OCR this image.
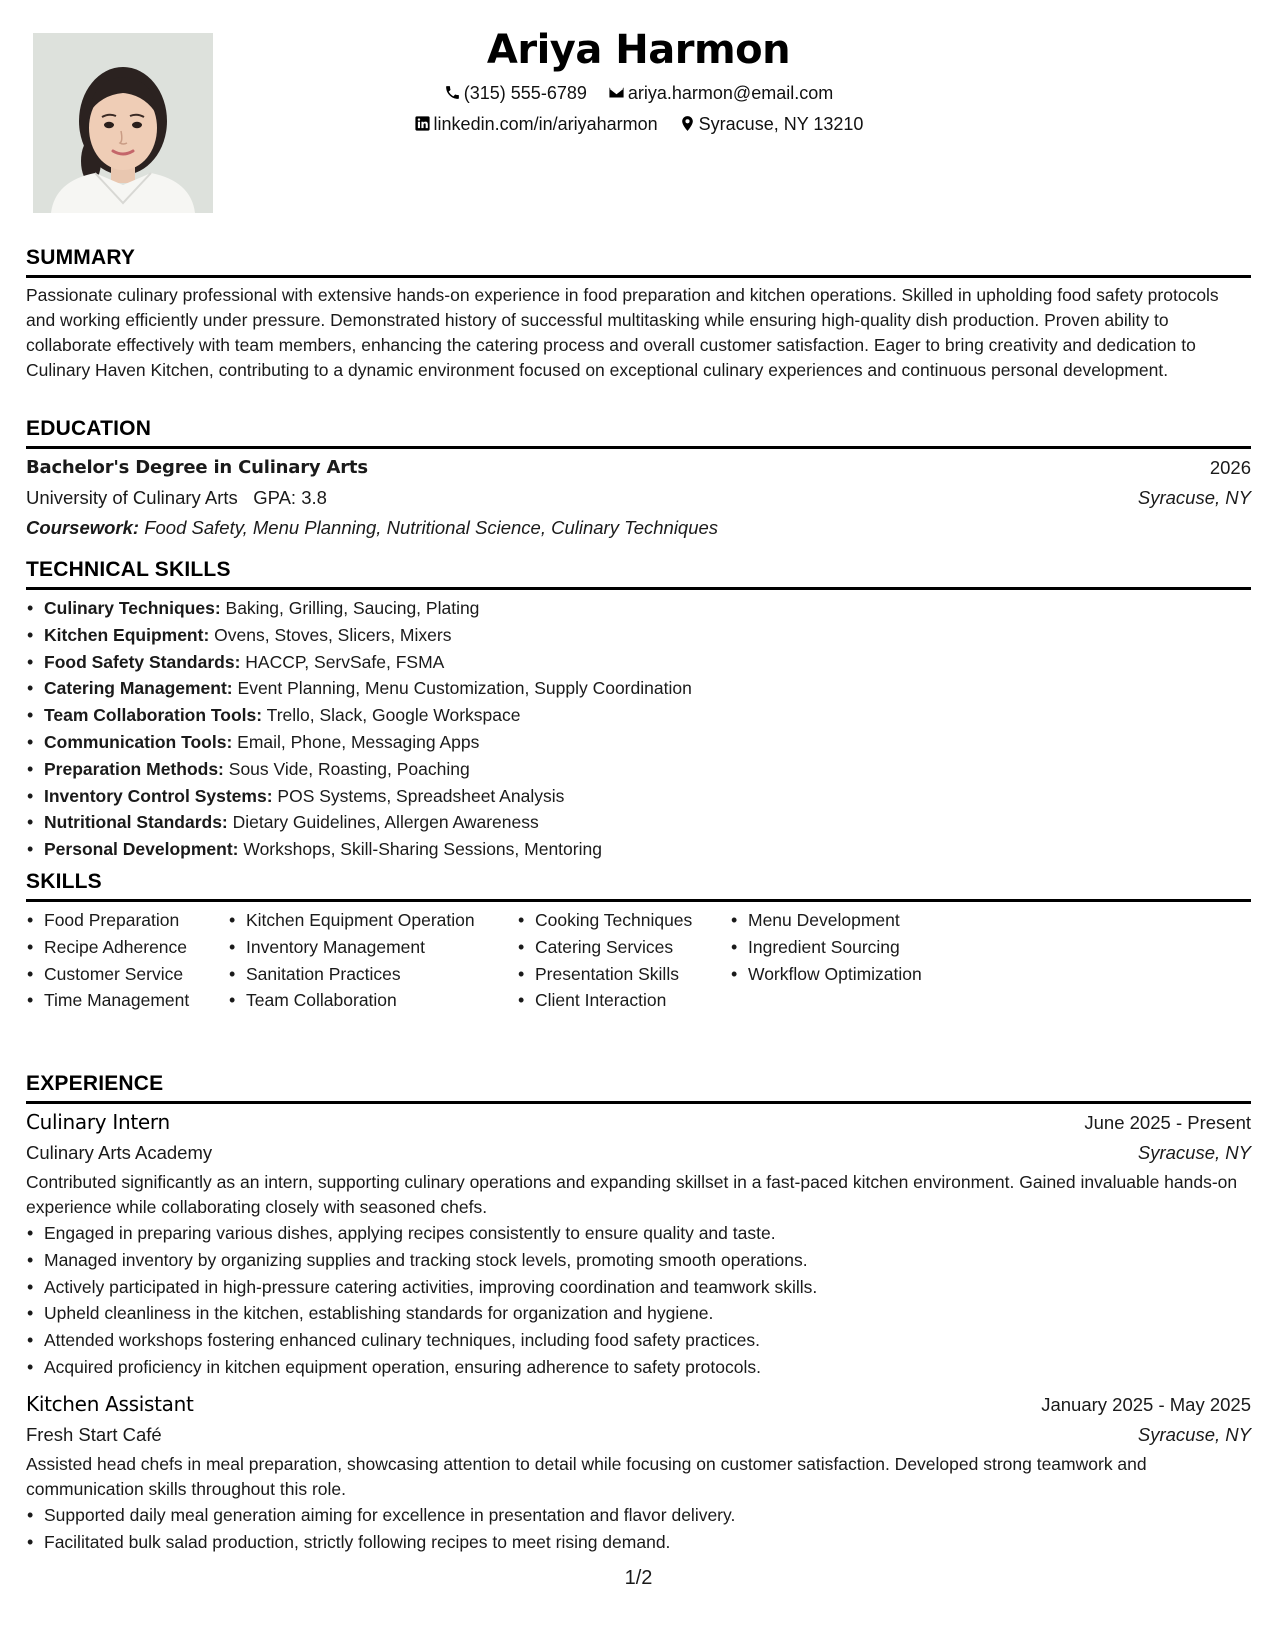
Ariya Harmon
(315) 555-6789 ariya.harmon@email.com
linkedin.com/in/ariyaharmon Syracuse, NY 13210
SUMMARY
Passionate culinary professional with extensive hands-on experience in food preparation and kitchen operations. Skilled in upholding food safety protocols and working efficiently under pressure. Demonstrated history of successful multitasking while ensuring high-quality dish production. Proven ability to collaborate effectively with team members, enhancing the catering process and overall customer satisfaction. Eager to bring creativity and dedication to Culinary Haven Kitchen, contributing to a dynamic environment focused on exceptional culinary experiences and continuous personal development.
EDUCATION
Bachelor's Degree in Culinary Arts	2026
University of Culinary Arts GPA: 3.8	Syracuse, NY
Coursework: Food Safety, Menu Planning, Nutritional Science, Culinary Techniques
TECHNICAL SKILLS
• Culinary Techniques: Baking, Grilling, Saucing, Plating
• Kitchen Equipment: Ovens, Stoves, Slicers, Mixers
• Food Safety Standards: HACCP, ServSafe, FSMA
• Catering Management: Event Planning, Menu Customization, Supply Coordination
• Team Collaboration Tools: Trello, Slack, Google Workspace
• Communication Tools: Email, Phone, Messaging Apps
• Preparation Methods: Sous Vide, Roasting, Poaching
• Inventory Control Systems: POS Systems, Spreadsheet Analysis
• Nutritional Standards: Dietary Guidelines, Allergen Awareness
• Personal Development: Workshops, Skill-Sharing Sessions, Mentoring
SKILLS
• Food Preparation
• Recipe Adherence
• Customer Service
• Time Management
• Kitchen Equipment Operation
• Inventory Management
• Sanitation Practices
• Team Collaboration
• Cooking Techniques
• Catering Services
• Presentation Skills
• Client Interaction
• Menu Development
• Ingredient Sourcing
• Workflow Optimization
EXPERIENCE
Culinary Intern	June 2025 - Present
Culinary Arts Academy	Syracuse, NY
Contributed significantly as an intern, supporting culinary operations and expanding skillset in a fast-paced kitchen environment. Gained invaluable hands-on experience while collaborating closely with seasoned chefs.
• Engaged in preparing various dishes, applying recipes consistently to ensure quality and taste.
• Managed inventory by organizing supplies and tracking stock levels, promoting smooth operations.
• Actively participated in high-pressure catering activities, improving coordination and teamwork skills.
• Upheld cleanliness in the kitchen, establishing standards for organization and hygiene.
• Attended workshops fostering enhanced culinary techniques, including food safety practices.
• Acquired proficiency in kitchen equipment operation, ensuring adherence to safety protocols.
Kitchen Assistant	January 2025 - May 2025
Fresh Start Café	Syracuse, NY
Assisted head chefs in meal preparation, showcasing attention to detail while focusing on customer satisfaction. Developed strong teamwork and communication skills throughout this role.
• Supported daily meal generation aiming for excellence in presentation and flavor delivery.
• Facilitated bulk salad production, strictly following recipes to meet rising demand.
1/2
